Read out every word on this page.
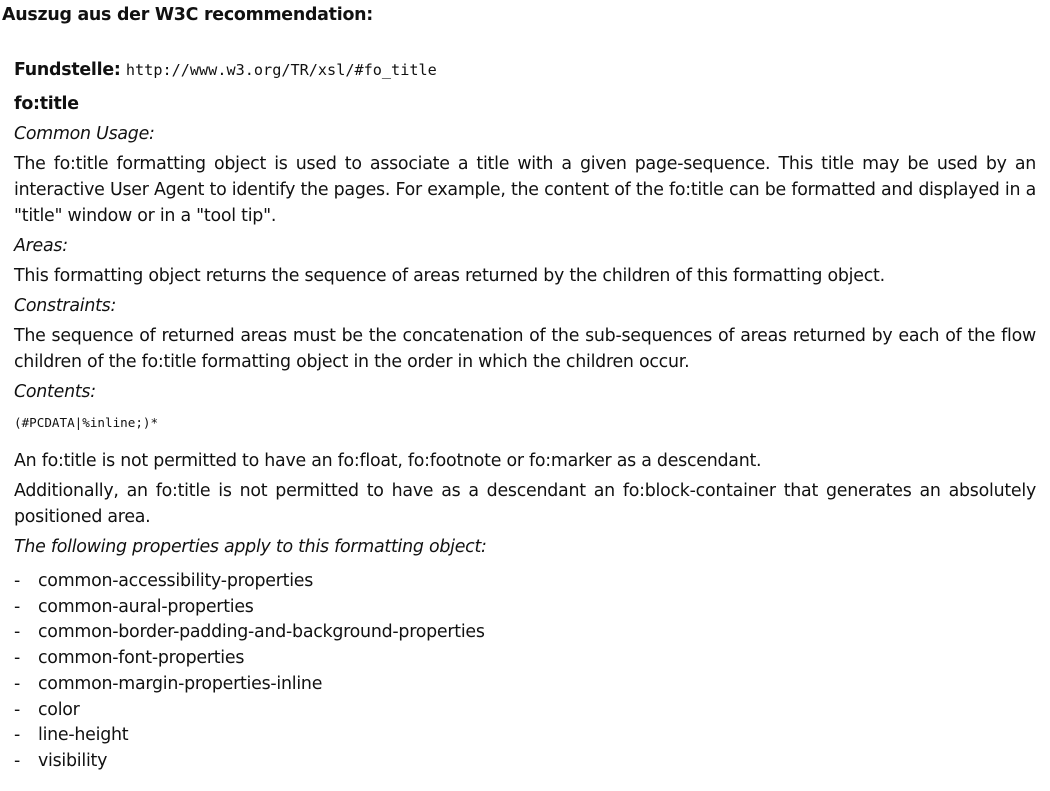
Auszug aus der W3C recommendation:
Fundstelle: http://www.w3.org/TR/xsl/#fo_title
fo:title
Common Usage:
The fo:title formatting object is used to associate a title with a given page-sequence. This title may be used by an interactive User Agent to identify the pages. For example, the content of the fo:title can be formatted and displayed in a "title" window or in a "tool tip".
Areas:
This formatting object returns the sequence of areas returned by the children of this formatting object.
Constraints:
The sequence of returned areas must be the concatenation of the sub-sequences of areas returned by each of the flow children of the fo:title formatting object in the order in which the children occur.
Contents:
(#PCDATA|%inline;)*
An fo:title is not permitted to have an fo:float, fo:footnote or fo:marker as a descendant.
Additionally, an fo:title is not permitted to have as a descendant an fo:block-container that generates an absolutely positioned area.
The following properties apply to this formatting object:
- common-accessibility-properties
- common-aural-properties
- common-border-padding-and-background-properties
- common-font-properties
- common-margin-properties-inline
- color
- line-height
- visibility
